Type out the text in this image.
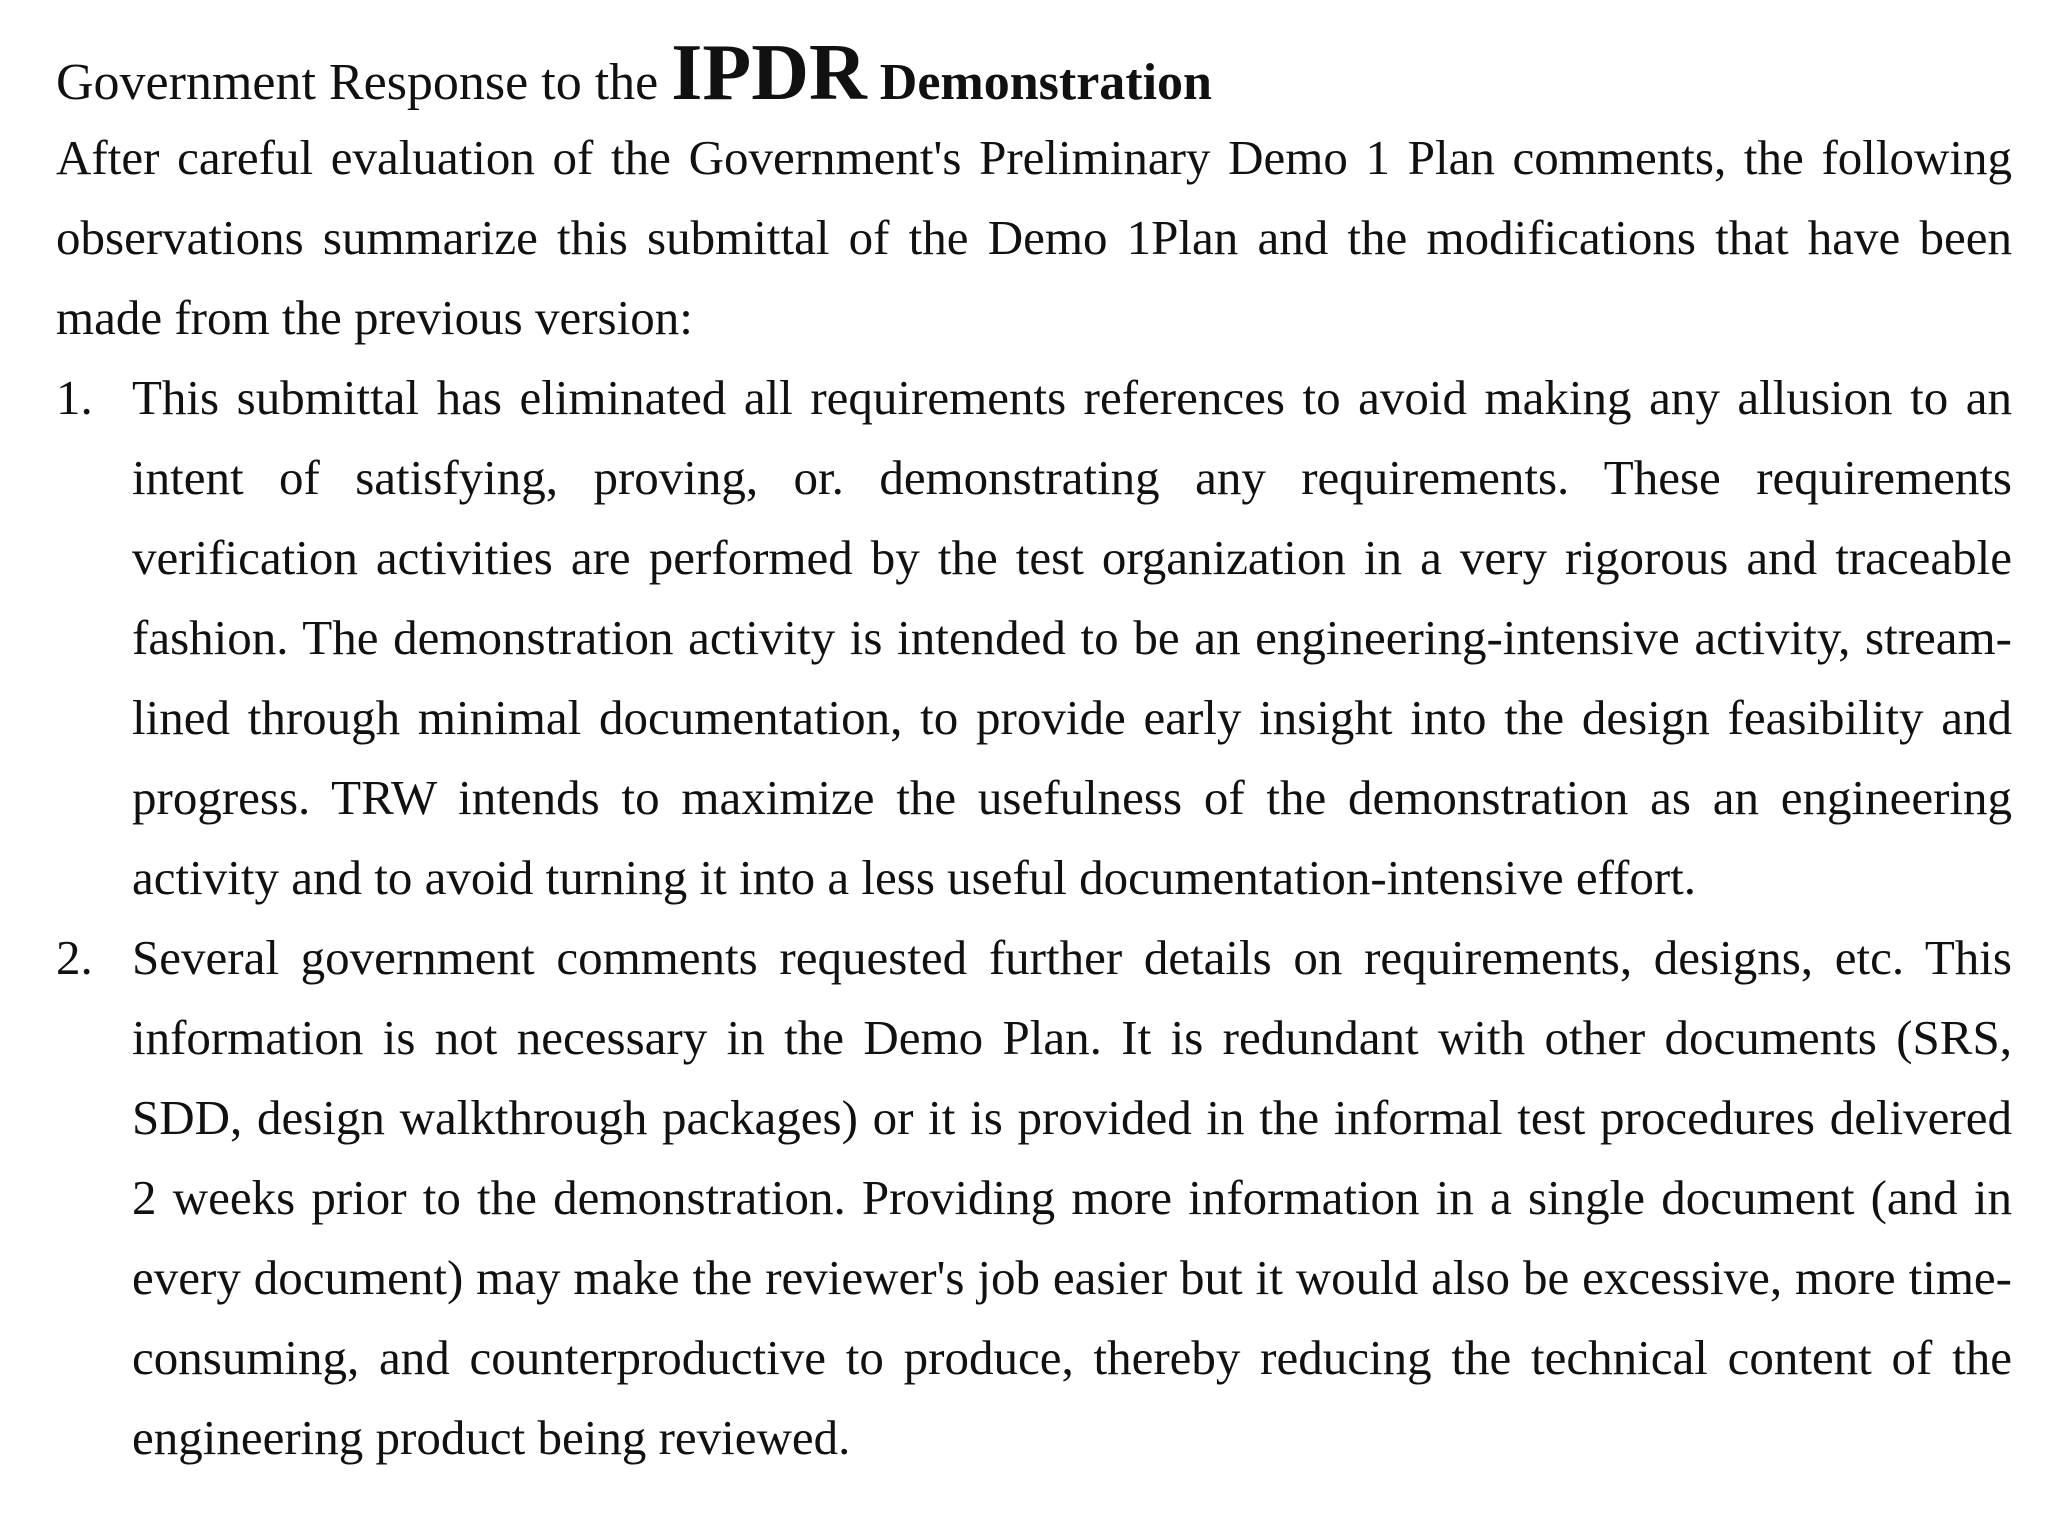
Government Response to the IPDR Demonstration

After careful evaluation of the Government's Preliminary Demo 1 Plan comments, the following observations summarize this submittal of the Demo 1Plan and the modifications that have been made from the previous version:

1. This submittal has eliminated all requirements references to avoid making any allusion to an intent of satisfying, proving, or. demonstrating any requirements. These requirements verification activities are performed by the test organization in a very rigorous and traceable fashion. The demonstration activity is intended to be an engineering-intensive activity, stream-lined through minimal documentation, to provide early insight into the design feasibility and progress. TRW intends to maximize the usefulness of the demonstration as an engineering activity and to avoid turning it into a less useful documentation-intensive effort.
2. Several government comments requested further details on requirements, designs, etc. This information is not necessary in the Demo Plan. It is redundant with other documents (SRS, SDD, design walkthrough packages) or it is provided in the informal test procedures delivered 2 weeks prior to the demonstration. Providing more information in a single document (and in every document) may make the reviewer's job easier but it would also be excessive, more time-consuming, and counterproductive to produce, thereby reducing the technical content of the engineering product being reviewed.
